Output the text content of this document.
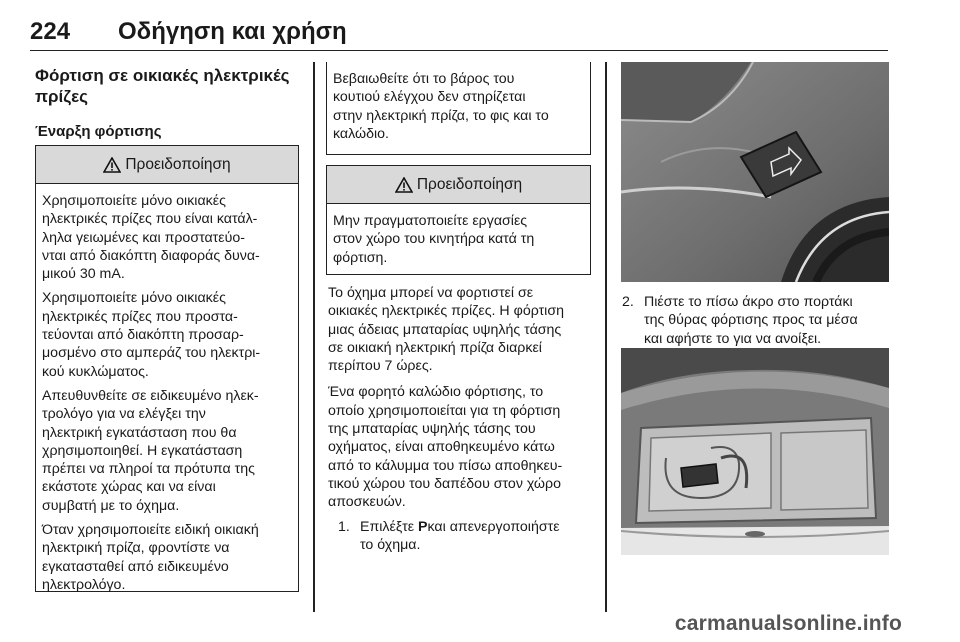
224 Οδήγηση και χρήση

Φόρτιση σε οικιακές ηλεκτρικές
πρίζες

Έναρξη φόρτισης

Προειδοποίηση

Χρησιμοποιείτε μόνο οικιακές
ηλεκτρικές πρίζες που είναι κατάλ-
ληλα γειωμένες και προστατεύο-
νται από διακόπτη διαφοράς δυνα-
μικού 30 mA.

Χρησιμοποιείτε μόνο οικιακές
ηλεκτρικές πρίζες που προστα-
τεύονται από διακόπτη προσαρ-
μοσμένο στο αμπεράζ του ηλεκτρι-
κού κυκλώματος.

Απευθυνθείτε σε ειδικευμένο ηλεκ-
τρολόγο για να ελέγξει την
ηλεκτρική εγκατάσταση που θα
χρησιμοποιηθεί. Η εγκατάσταση
πρέπει να πληροί τα πρότυπα της
εκάστοτε χώρας και να είναι
συμβατή με το όχημα.

Όταν χρησιμοποιείτε ειδική οικιακή
ηλεκτρική πρίζα, φροντίστε να
εγκατασταθεί από ειδικευμένο
ηλεκτρολόγο.

Βεβαιωθείτε ότι το βάρος του
κουτιού ελέγχου δεν στηρίζεται
στην ηλεκτρική πρίζα, το φις και το
καλώδιο.

Προειδοποίηση

Μην πραγματοποιείτε εργασίες
στον χώρο του κινητήρα κατά τη
φόρτιση.

Το όχημα μπορεί να φορτιστεί σε
οικιακές ηλεκτρικές πρίζες. Η φόρτιση
μιας άδειας μπαταρίας υψηλής τάσης
σε οικιακή ηλεκτρική πρίζα διαρκεί
περίπου 7 ώρες.

Ένα φορητό καλώδιο φόρτισης, το
οποίο χρησιμοποιείται για τη φόρτιση
της μπαταρίας υψηλής τάσης του
οχήματος, είναι αποθηκευμένο κάτω
από το κάλυμμα του πίσω αποθηκευ-
τικού χώρου του δαπέδου στον χώρο
αποσκευών.

1. Επιλέξτε Pκαι απενεργοποιήστε
το όχημα.
2. Πιέστε το πίσω άκρο στο πορτάκι
της θύρας φόρτισης προς τα μέσα
και αφήστε το για να ανοίξει.
carmanualsonline.info
